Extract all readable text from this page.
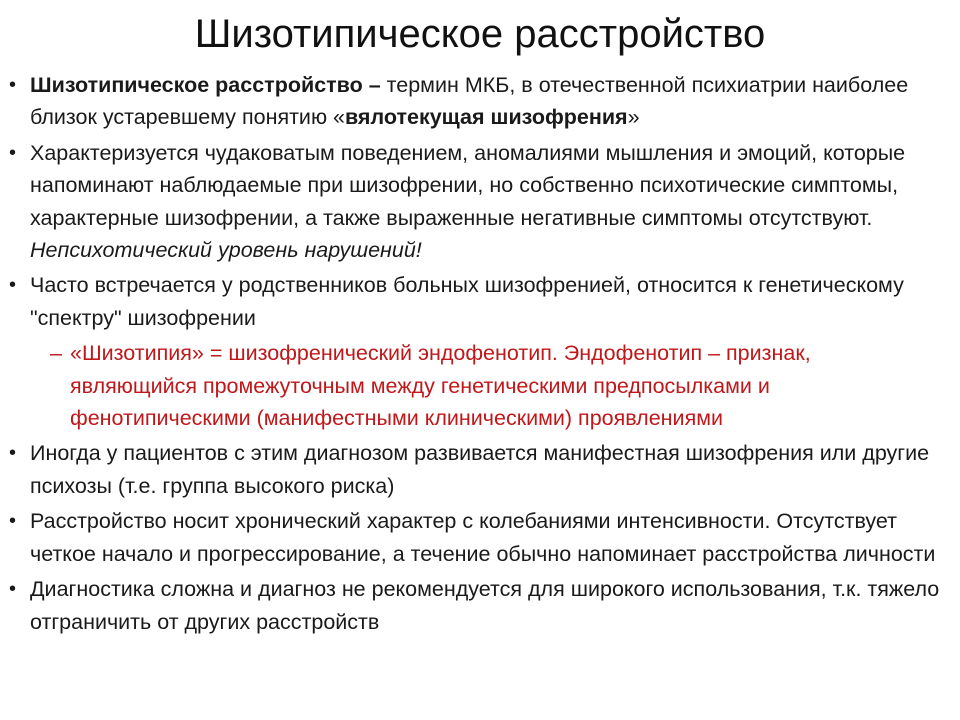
Шизотипическое расстройство
• Шизотипическое расстройство – термин МКБ, в отечественной психиатрии наиболее близок устаревшему понятию «вялотекущая шизофрения»
• Характеризуется чудаковатым поведением, аномалиями мышления и эмоций, которые напоминают наблюдаемые при шизофрении, но собственно психотические симптомы, характерные шизофрении, а также выраженные негативные симптомы отсутствуют. Непсихотический уровень нарушений!
• Часто встречается у родственников больных шизофренией, относится к генетическому "спектру" шизофрении
– «Шизотипия» = шизофренический эндофенотип. Эндофенотип – признак, являющийся промежуточным между генетическими предпосылками и фенотипическими (манифестными клиническими) проявлениями
• Иногда у пациентов с этим диагнозом развивается манифестная шизофрения или другие психозы (т.е. группа высокого риска)
• Расстройство носит хронический характер с колебаниями интенсивности. Отсутствует четкое начало и прогрессирование, а течение обычно напоминает расстройства личности
• Диагностика сложна и диагноз не рекомендуется для широкого использования, т.к. тяжело отграничить от других расстройств
